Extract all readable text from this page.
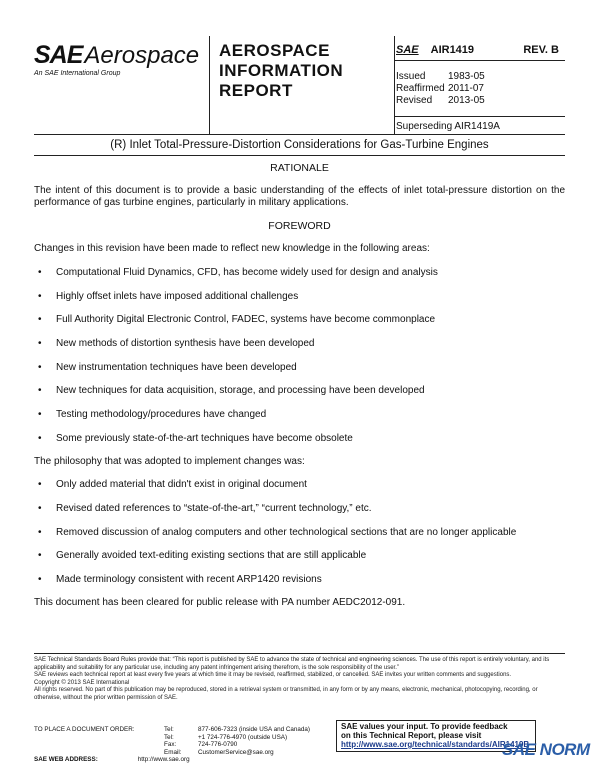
SAEAerospace
An SAE International Group
AEROSPACE
INFORMATION
REPORT
SAE AIR1419	REV. B
Issued	1983-05
Reaffirmed 2011-07
Revised	2013-05
Superseding AIR1419A
(R) Inlet Total-Pressure-Distortion Considerations for Gas-Turbine Engines
RATIONALE
The intent of this document is to provide a basic understanding of the effects of inlet total-pressure distortion on the performance of gas turbine engines, particularly in military applications.
FOREWORD
Changes in this revision have been made to reflect new knowledge in the following areas:
• Computational Fluid Dynamics, CFD, has become widely used for design and analysis
• Highly offset inlets have imposed additional challenges
• Full Authority Digital Electronic Control, FADEC, systems have become commonplace
• New methods of distortion synthesis have been developed
• New instrumentation techniques have been developed
• New techniques for data acquisition, storage, and processing have been developed
• Testing methodology/procedures have changed
• Some previously state-of-the-art techniques have become obsolete
The philosophy that was adopted to implement changes was:
• Only added material that didn't exist in original document
• Revised dated references to “state-of-the-art,” “current technology,” etc.
• Removed discussion of analog computers and other technological sections that are no longer applicable
• Generally avoided text-editing existing sections that are still applicable
• Made terminology consistent with recent ARP1420 revisions
This document has been cleared for public release with PA number AEDC2012-091.
SAE Technical Standards Board Rules provide that: “This report is published by SAE to advance the state of technical and engineering sciences. The use of this report is entirely voluntary, and its applicability and suitability for any particular use, including any patent infringement arising therefrom, is the sole responsibility of the user.”
SAE reviews each technical report at least every five years at which time it may be revised, reaffirmed, stabilized, or cancelled. SAE invites your written comments and suggestions.
Copyright © 2013 SAE International
All rights reserved. No part of this publication may be reproduced, stored in a retrieval system or transmitted, in any form or by any means, electronic, mechanical, photocopying, recording, or otherwise, without the prior written permission of SAE.
TO PLACE A DOCUMENT ORDER:	Tel:	877-606-7323 (inside USA and Canada)
Tel:	+1 724-776-4970 (outside USA)
Fax:	724-776-0790
Email:	CustomerService@sae.org
SAE WEB ADDRESS:	http://www.sae.org
SAE values your input. To provide feedback
on this Technical Report, please visit
http://www.sae.org/technical/standards/AIR1419B
SAE NORM
